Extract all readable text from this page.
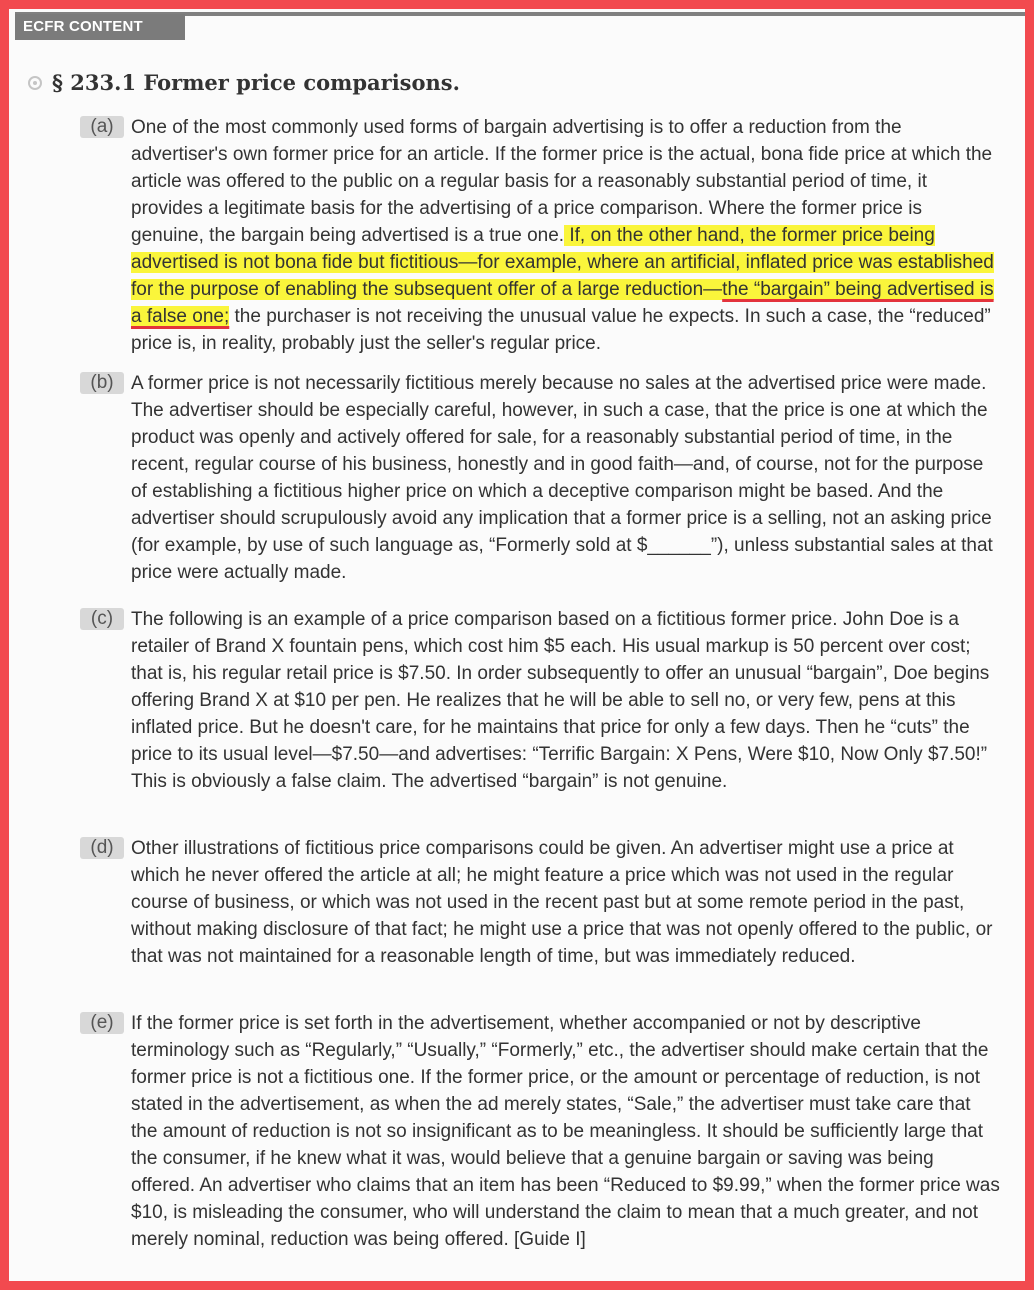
ECFR CONTENT
§ 233.1 Former price comparisons.
(a) One of the most commonly used forms of bargain advertising is to offer a reduction from the advertiser's own former price for an article. If the former price is the actual, bona fide price at which the article was offered to the public on a regular basis for a reasonably substantial period of time, it provides a legitimate basis for the advertising of a price comparison. Where the former price is genuine, the bargain being advertised is a true one. If, on the other hand, the former price being advertised is not bona fide but fictitious—for example, where an artificial, inflated price was established for the purpose of enabling the subsequent offer of a large reduction—the “bargain” being advertised is a false one; the purchaser is not receiving the unusual value he expects. In such a case, the “reduced” price is, in reality, probably just the seller's regular price.
(b) A former price is not necessarily fictitious merely because no sales at the advertised price were made. The advertiser should be especially careful, however, in such a case, that the price is one at which the product was openly and actively offered for sale, for a reasonably substantial period of time, in the recent, regular course of his business, honestly and in good faith—and, of course, not for the purpose of establishing a fictitious higher price on which a deceptive comparison might be based. And the advertiser should scrupulously avoid any implication that a former price is a selling, not an asking price (for example, by use of such language as, “Formerly sold at $______”), unless substantial sales at that price were actually made.
(c) The following is an example of a price comparison based on a fictitious former price. John Doe is a retailer of Brand X fountain pens, which cost him $5 each. His usual markup is 50 percent over cost; that is, his regular retail price is $7.50. In order subsequently to offer an unusual “bargain”, Doe begins offering Brand X at $10 per pen. He realizes that he will be able to sell no, or very few, pens at this inflated price. But he doesn't care, for he maintains that price for only a few days. Then he “cuts” the price to its usual level—$7.50—and advertises: “Terrific Bargain: X Pens, Were $10, Now Only $7.50!” This is obviously a false claim. The advertised “bargain” is not genuine.
(d) Other illustrations of fictitious price comparisons could be given. An advertiser might use a price at which he never offered the article at all; he might feature a price which was not used in the regular course of business, or which was not used in the recent past but at some remote period in the past, without making disclosure of that fact; he might use a price that was not openly offered to the public, or that was not maintained for a reasonable length of time, but was immediately reduced.
(e) If the former price is set forth in the advertisement, whether accompanied or not by descriptive terminology such as “Regularly,” “Usually,” “Formerly,” etc., the advertiser should make certain that the former price is not a fictitious one. If the former price, or the amount or percentage of reduction, is not stated in the advertisement, as when the ad merely states, “Sale,” the advertiser must take care that the amount of reduction is not so insignificant as to be meaningless. It should be sufficiently large that the consumer, if he knew what it was, would believe that a genuine bargain or saving was being offered. An advertiser who claims that an item has been “Reduced to $9.99,” when the former price was $10, is misleading the consumer, who will understand the claim to mean that a much greater, and not merely nominal, reduction was being offered. [Guide I]
